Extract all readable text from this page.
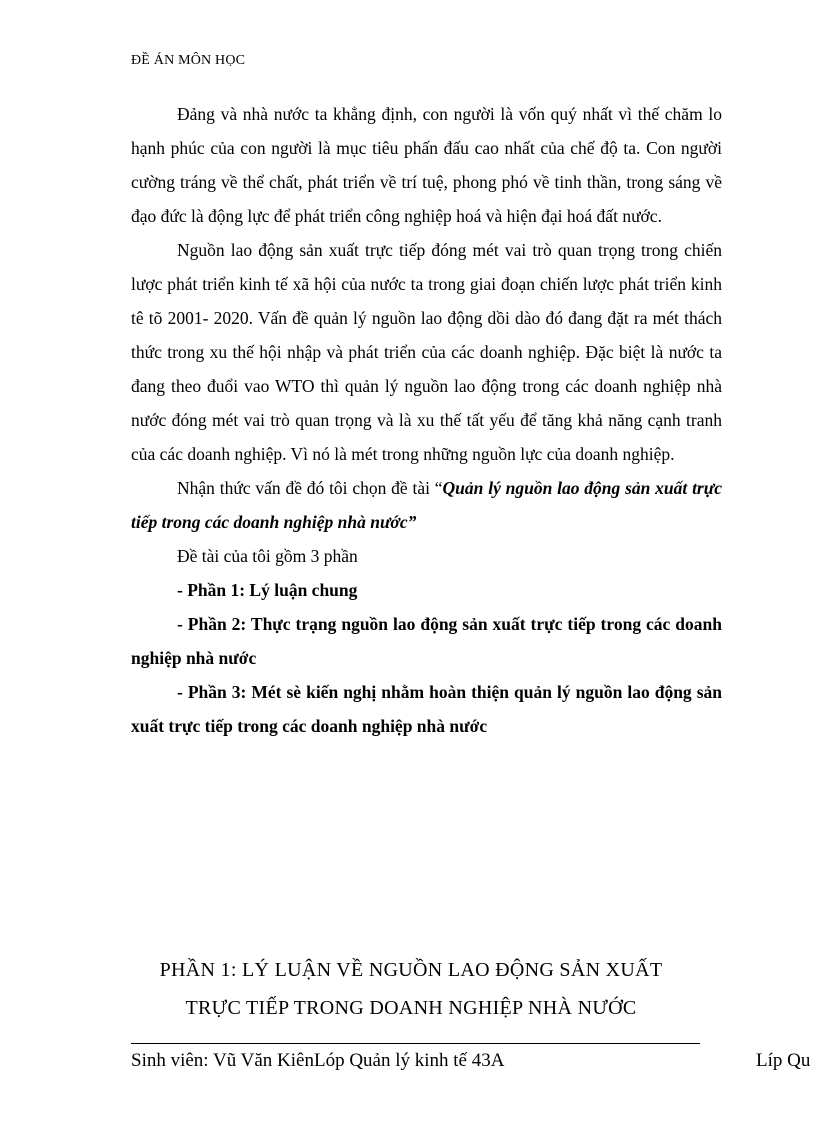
ĐỀ ÁN MÔN HỌC

Đảng và nhà nước ta khẳng định, con người là vốn quý nhất vì thế chăm lo hạnh phúc của con người là mục tiêu phấn đấu cao nhất của chế độ ta. Con người cường tráng về thể chất, phát triển về trí tuệ, phong phó về tinh thần, trong sáng về đạo đức là động lực để phát triển công nghiệp hoá và hiện đại hoá đất nước.

Nguồn lao động sản xuất trực tiếp đóng mét vai trò quan trọng trong chiến lược phát triển kinh tế xã hội của nước ta trong giai đoạn chiến lược phát triển kinh tê tõ 2001- 2020. Vấn đề quản lý nguồn lao động dồi dào đó đang đặt ra mét thách thức trong xu thế hội nhập và phát triển của các doanh nghiệp. Đặc biệt là nước ta đang theo đuổi vao WTO thì quản lý nguồn lao động trong các doanh nghiệp nhà nước đóng mét vai trò quan trọng và là xu thế tất yếu để tăng khả năng cạnh tranh của các doanh nghiệp. Vì nó là mét trong những nguồn lực của doanh nghiệp.

Nhận thức vấn đề đó tôi chọn đề tài “Quản lý nguồn lao động sản xuất trực tiếp trong các doanh nghiệp nhà nước”

Đề tài của tôi gồm 3 phần

- Phần 1: Lý luận chung

- Phần 2: Thực trạng nguồn lao động sản xuất trực tiếp trong các doanh nghiệp nhà nước

- Phần 3: Mét sè kiến nghị nhằm hoàn thiện quản lý nguồn lao động sản xuất trực tiếp trong các doanh nghiệp nhà nước

PHẦN 1: LÝ LUẬN VỀ NGUỒN LAO ĐỘNG SẢN XUẤT
TRỰC TIẾP TRONG DOANH NGHIỆP NHÀ NƯỚC
Sinh viên: Vũ Văn KiênLóp Quản lý kinh tế 43A	Líp Qu
